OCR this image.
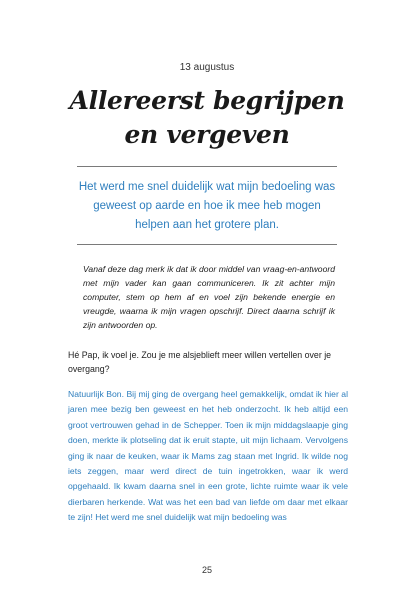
13 augustus
Allereerst begrijpen en vergeven
Het werd me snel duidelijk wat mijn bedoeling was geweest op aarde en hoe ik mee heb mogen helpen aan het grotere plan.
Vanaf deze dag merk ik dat ik door middel van vraag-en-antwoord met mijn vader kan gaan communiceren. Ik zit achter mijn computer, stem op hem af en voel zijn bekende energie en vreugde, waarna ik mijn vragen opschrijf. Direct daarna schrijf ik zijn antwoorden op.
Hé Pap, ik voel je. Zou je me alsjeblieft meer willen vertellen over je overgang?
Natuurlijk Bon. Bij mij ging de overgang heel gemakkelijk, omdat ik hier al jaren mee bezig ben geweest en het heb onderzocht. Ik heb altijd een groot vertrouwen gehad in de Schepper. Toen ik mijn middagslaapje ging doen, merkte ik plotseling dat ik eruit stapte, uit mijn lichaam. Vervolgens ging ik naar de keuken, waar ik Mams zag staan met Ingrid. Ik wilde nog iets zeggen, maar werd direct de tuin ingetrokken, waar ik werd opgehaald. Ik kwam daarna snel in een grote, lichte ruimte waar ik vele dierbaren herkende. Wat was het een bad van liefde om daar met elkaar te zijn! Het werd me snel duidelijk wat mijn bedoeling was
25
